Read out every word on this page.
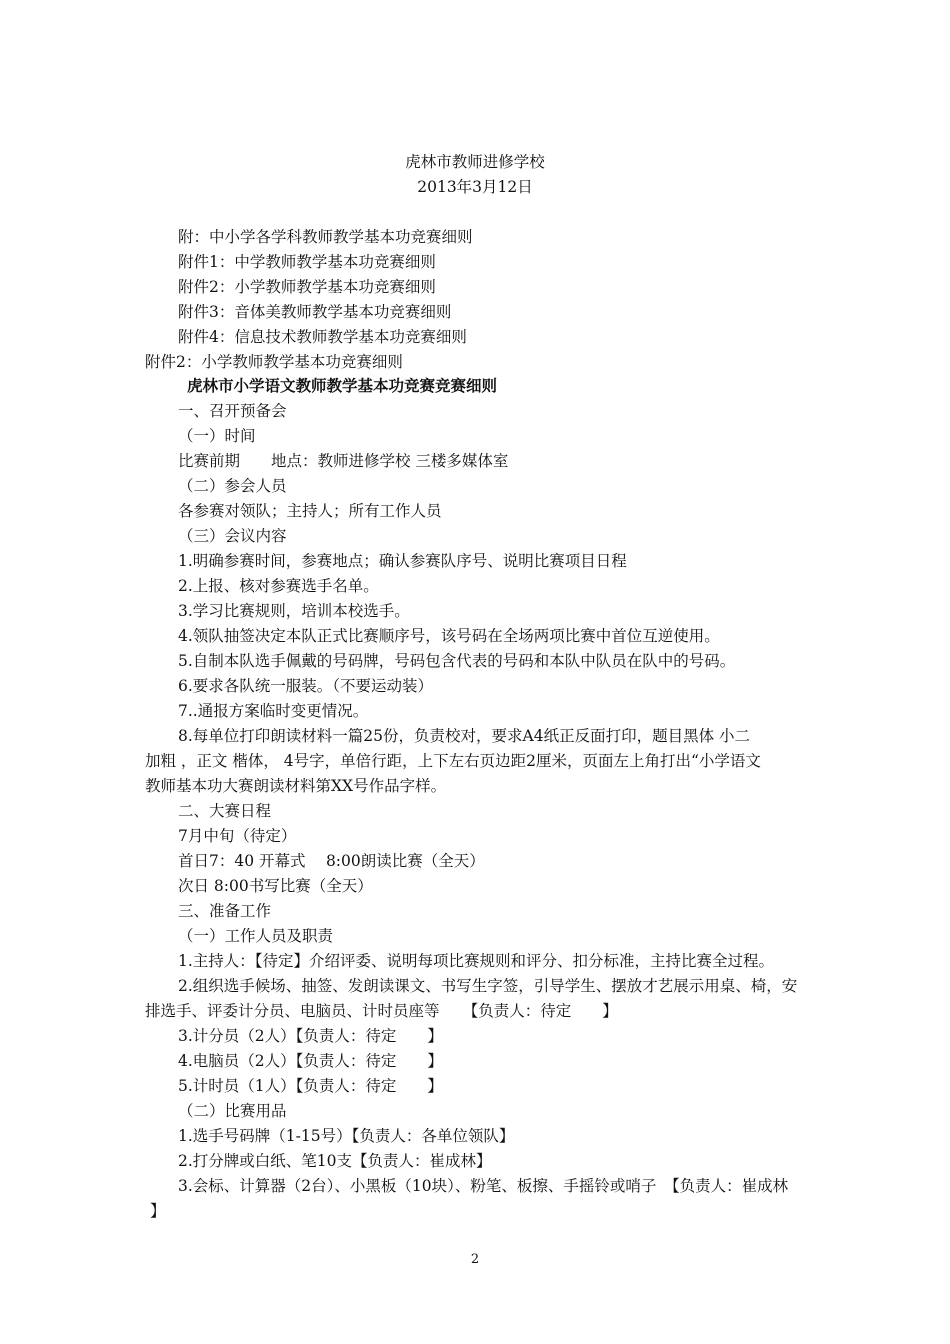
虎林市教师进修学校
2013年3月12日
附：中小学各学科教师教学基本功竞赛细则
附件1：中学教师教学基本功竞赛细则
附件2：小学教师教学基本功竞赛细则
附件3：音体美教师教学基本功竞赛细则
附件4：信息技术教师教学基本功竞赛细则
附件2：小学教师教学基本功竞赛细则
虎林市小学语文教师教学基本功竞赛竞赛细则
一、召开预备会
（一）时间
比赛前期　　地点：教师进修学校 三楼多媒体室
（二）参会人员
各参赛对领队；主持人；所有工作人员
（三）会议内容
1.明确参赛时间，参赛地点；确认参赛队序号、说明比赛项目日程
2.上报、核对参赛选手名单。
3.学习比赛规则，培训本校选手。
4.领队抽签决定本队正式比赛顺序号，该号码在全场两项比赛中首位互逆使用。
5.自制本队选手佩戴的号码牌，号码包含代表的号码和本队中队员在队中的号码。
6.要求各队统一服装。（不要运动装）
7..通报方案临时变更情况。
8.每单位打印朗读材料一篇25份，负责校对，要求A4纸正反面打印，题目黑体 小二
加粗 ，正文 楷体， 4号字，单倍行距，上下左右页边距2厘米，页面左上角打出“小学语文
教师基本功大赛朗读材料第XX号作品字样。
二、大赛日程
7月中旬（待定）
首日7：40 开幕式　 8:00朗读比赛（全天）
次日 8:00书写比赛（全天）
三、准备工作
（一）工作人员及职责
1.主持人：【待定】介绍评委、说明每项比赛规则和评分、扣分标准，主持比赛全过程。
2.组织选手候场、抽签、发朗读课文、书写生字签，引导学生、摆放才艺展示用桌、椅，安
排选手、评委计分员、电脑员、计时员座等　　【负责人：待定　　】
3.计分员（2人）【负责人：待定　　】
4.电脑员（2人）【负责人：待定　　】
5.计时员（1人）【负责人：待定　　】
（二）比赛用品
1.选手号码牌（1-15号）【负责人：各单位领队】
2.打分牌或白纸、笔10支【负责人：崔成林】
3.会标、计算器（2台）、小黑板（10块）、粉笔、板擦、手摇铃或哨子　【负责人：崔成林
】
2
